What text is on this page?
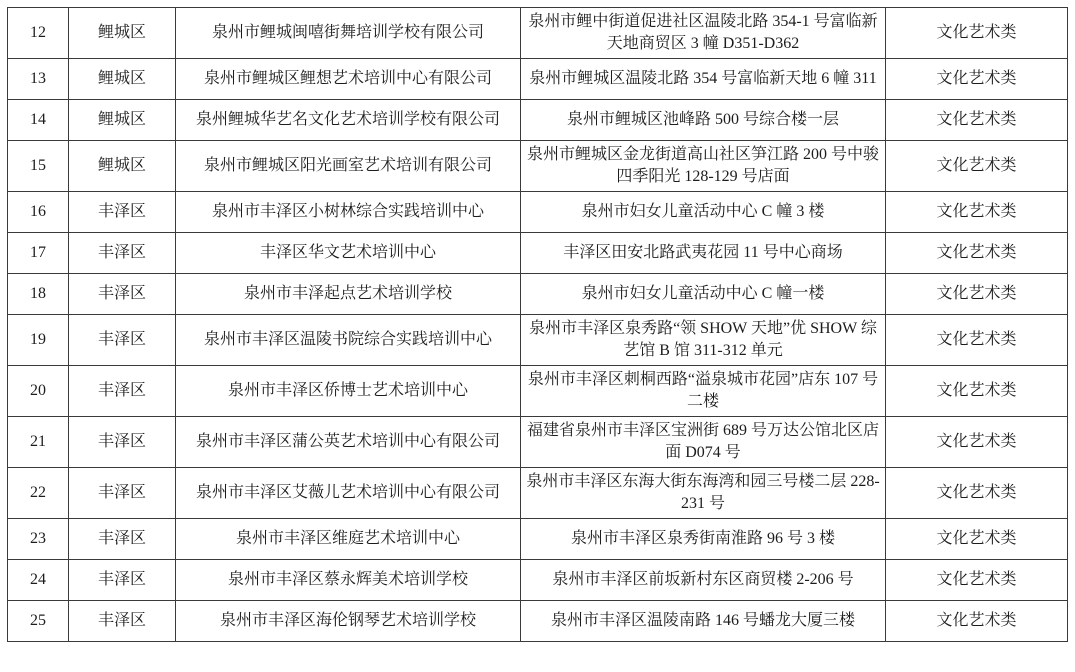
12	鲤城区	泉州市鲤城闽嘻街舞培训学校有限公司	泉州市鲤中街道促进社区温陵北路 354-1 号富临新天地商贸区 3 幢 D351-D362	文化艺术类
13	鲤城区	泉州市鲤城区鲤想艺术培训中心有限公司	泉州市鲤城区温陵北路 354 号富临新天地 6 幢 311	文化艺术类
14	鲤城区	泉州鲤城华艺名文化艺术培训学校有限公司	泉州市鲤城区池峰路 500 号综合楼一层	文化艺术类
15	鲤城区	泉州市鲤城区阳光画室艺术培训有限公司	泉州市鲤城区金龙街道高山社区笋江路 200 号中骏四季阳光 128-129 号店面	文化艺术类
16	丰泽区	泉州市丰泽区小树林综合实践培训中心	泉州市妇女儿童活动中心 C 幢 3 楼	文化艺术类
17	丰泽区	丰泽区华文艺术培训中心	丰泽区田安北路武夷花园 11 号中心商场	文化艺术类
18	丰泽区	泉州市丰泽起点艺术培训学校	泉州市妇女儿童活动中心 C 幢一楼	文化艺术类
19	丰泽区	泉州市丰泽区温陵书院综合实践培训中心	泉州市丰泽区泉秀路“领 SHOW 天地”优 SHOW 综艺馆 B 馆 311-312 单元	文化艺术类
20	丰泽区	泉州市丰泽区侨博士艺术培训中心	泉州市丰泽区刺桐西路“溢泉城市花园”店东 107 号二楼	文化艺术类
21	丰泽区	泉州市丰泽区蒲公英艺术培训中心有限公司	福建省泉州市丰泽区宝洲街 689 号万达公馆北区店面 D074 号	文化艺术类
22	丰泽区	泉州市丰泽区艾薇儿艺术培训中心有限公司	泉州市丰泽区东海大街东海湾和园三号楼二层 228-231 号	文化艺术类
23	丰泽区	泉州市丰泽区维庭艺术培训中心	泉州市丰泽区泉秀街南淮路 96 号 3 楼	文化艺术类
24	丰泽区	泉州市丰泽区蔡永辉美术培训学校	泉州市丰泽区前坂新村东区商贸楼 2-206 号	文化艺术类
25	丰泽区	泉州市丰泽区海伦钢琴艺术培训学校	泉州市丰泽区温陵南路 146 号蟠龙大厦三楼	文化艺术类
